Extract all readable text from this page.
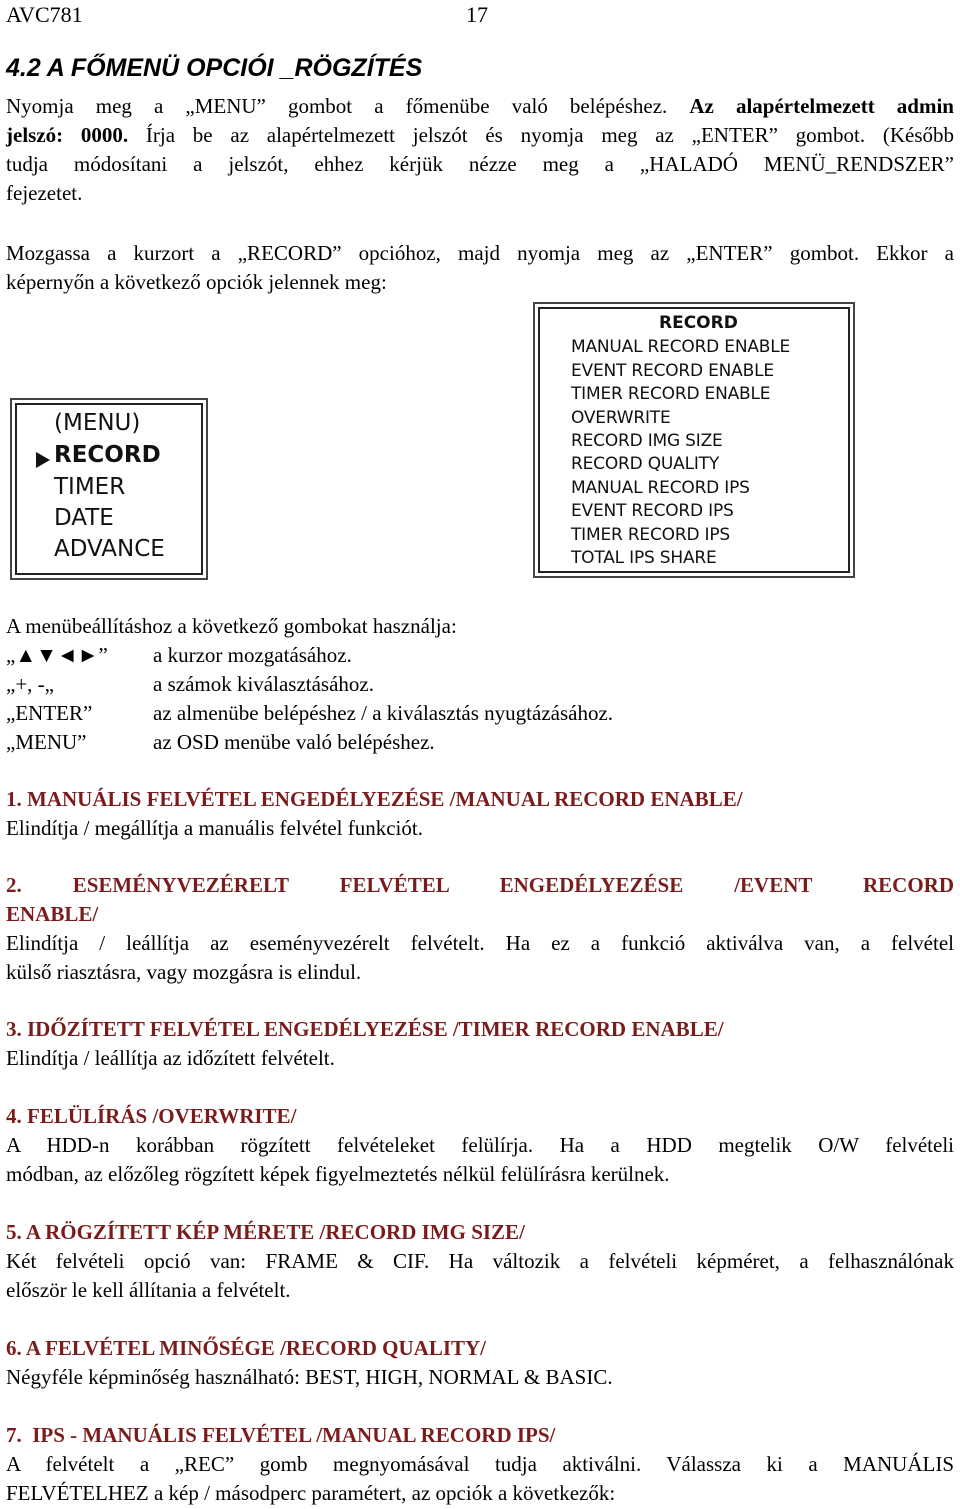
AVC781	17
4.2 A FŐMENÜ OPCIÓI _RÖGZÍTÉS
Nyomja meg a „MENU” gombot a főmenübe való belépéshez. Az alapértelmezett admin
jelszó: 0000. Írja be az alapértelmezett jelszót és nyomja meg az „ENTER” gombot. (Később
tudja módosítani a jelszót, ehhez kérjük nézze meg a „HALADÓ MENÜ_RENDSZER”
fejezetet.
Mozgassa a kurzort a „RECORD” opcióhoz, majd nyomja meg az „ENTER” gombot. Ekkor a
képernyőn a következő opciók jelennek meg:
(MENU)
RECORD
TIMER
DATE
ADVANCE
RECORD
MANUAL RECORD ENABLE
EVENT RECORD ENABLE
TIMER RECORD ENABLE
OVERWRITE
RECORD IMG SIZE
RECORD QUALITY
MANUAL RECORD IPS
EVENT RECORD IPS
TIMER RECORD IPS
TOTAL IPS SHARE
A menübeállításhoz a következő gombokat használja:
„▲▼◄►” a kurzor mozgatásához.
„+, -„	a számok kiválasztásához.
„ENTER”	az almenübe belépéshez / a kiválasztás nyugtázásához.
„MENU”	az OSD menübe való belépéshez.
1. MANUÁLIS FELVÉTEL ENGEDÉLYEZÉSE /MANUAL RECORD ENABLE/
Elindítja / megállítja a manuális felvétel funkciót.
2. ESEMÉNYVEZÉRELT FELVÉTEL ENGEDÉLYEZÉSE /EVENT RECORD
ENABLE/
Elindítja / leállítja az eseményvezérelt felvételt. Ha ez a funkció aktiválva van, a felvétel
külső riasztásra, vagy mozgásra is elindul.
3. IDŐZÍTETT FELVÉTEL ENGEDÉLYEZÉSE /TIMER RECORD ENABLE/
Elindítja / leállítja az időzített felvételt.
4. FELÜLÍRÁS /OVERWRITE/
A HDD-n korábban rögzített felvételeket felülírja. Ha a HDD megtelik O/W felvételi
módban, az előzőleg rögzített képek figyelmeztetés nélkül felülírásra kerülnek.
5. A RÖGZÍTETT KÉP MÉRETE /RECORD IMG SIZE/
Két felvételi opció van: FRAME & CIF. Ha változik a felvételi képméret, a felhasználónak
először le kell állítania a felvételt.
6. A FELVÉTEL MINŐSÉGE /RECORD QUALITY/
Négyféle képminőség használható: BEST, HIGH, NORMAL & BASIC.
7.  IPS - MANUÁLIS FELVÉTEL /MANUAL RECORD IPS/
A felvételt a „REC” gomb megnyomásával tudja aktiválni. Válassza ki a MANUÁLIS
FELVÉTELHEZ a kép / másodperc paramétert, az opciók a következők:
